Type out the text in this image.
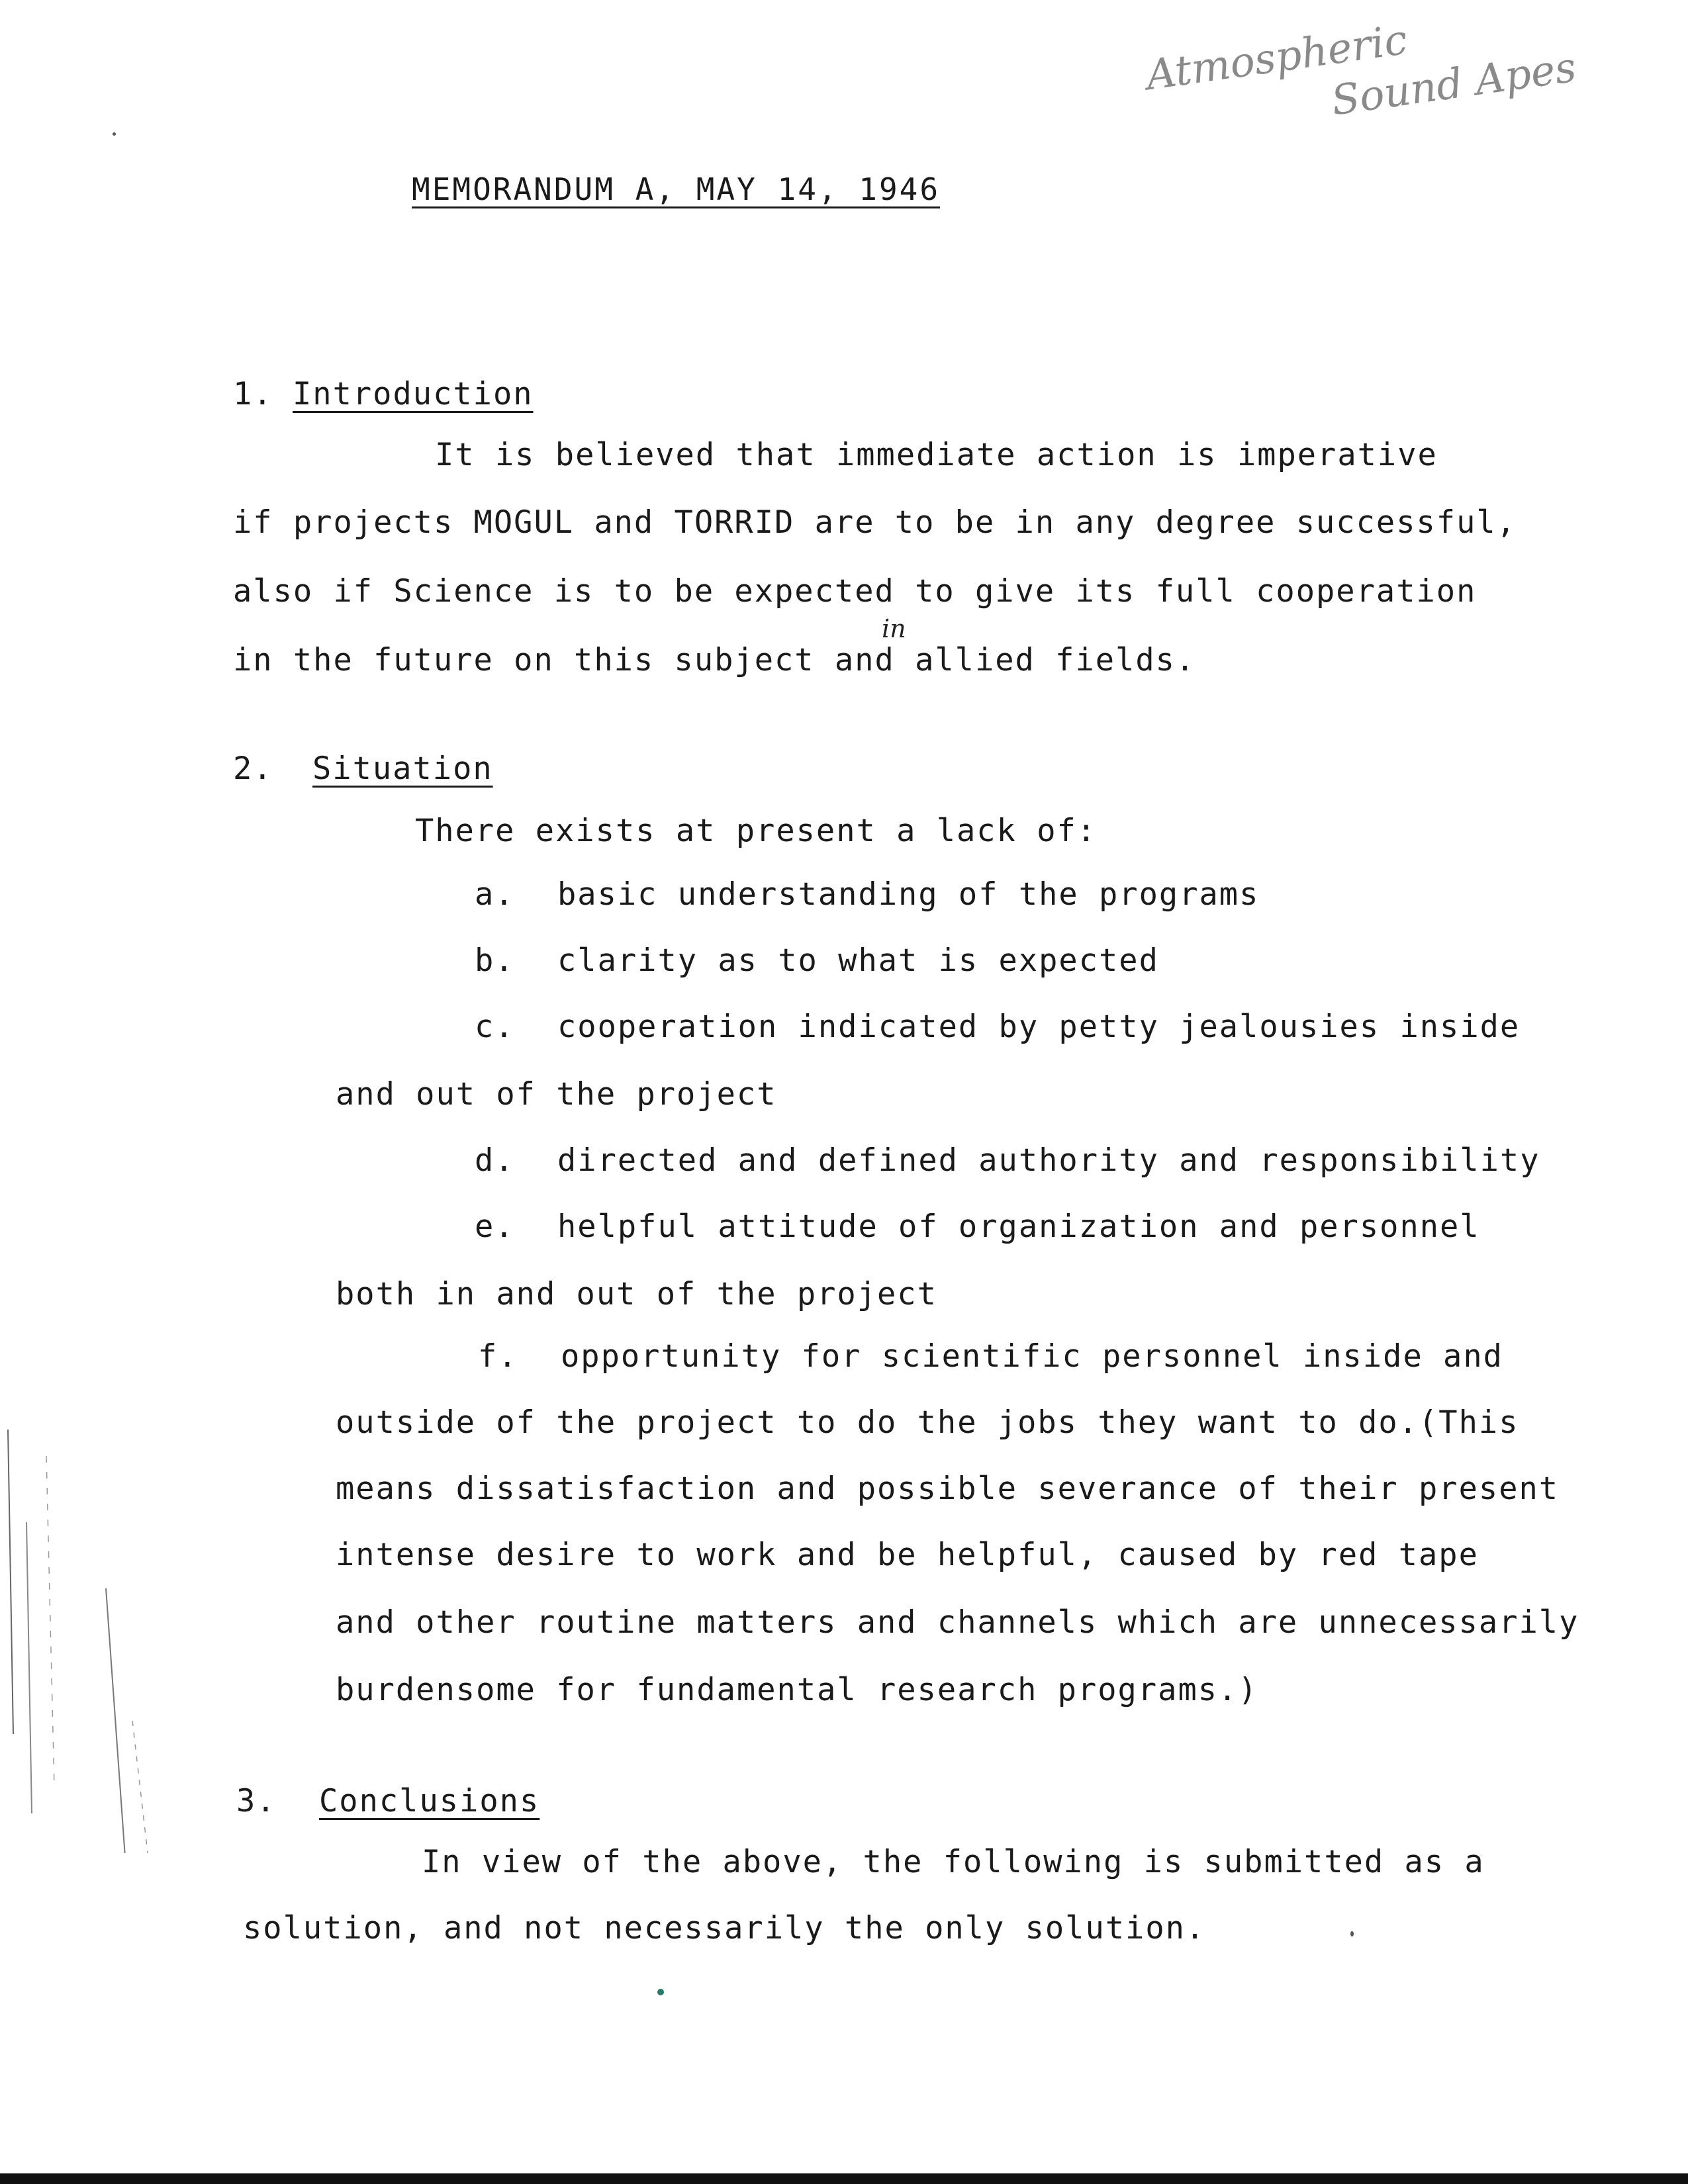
Atmospheric
Sound Apes
MEMORANDUM A, MAY 14, 1946
1. Introduction
It is believed that immediate action is imperative
if projects MOGUL and TORRID are to be in any degree successful,
also if Science is to be expected to give its full cooperation
in
in the future on this subject and allied fields.
2. Situation
There exists at present a lack of:
a. basic understanding of the programs
b. clarity as to what is expected
c. cooperation indicated by petty jealousies inside
and out of the project
d. directed and defined authority and responsibility
e. helpful attitude of organization and personnel
both in and out of the project
f. opportunity for scientific personnel inside and
outside of the project to do the jobs they want to do.(This
means dissatisfaction and possible severance of their present
intense desire to work and be helpful, caused by red tape
and other routine matters and channels which are unnecessarily
burdensome for fundamental research programs.)
3. Conclusions
In view of the above, the following is submitted as a
solution, and not necessarily the only solution.
